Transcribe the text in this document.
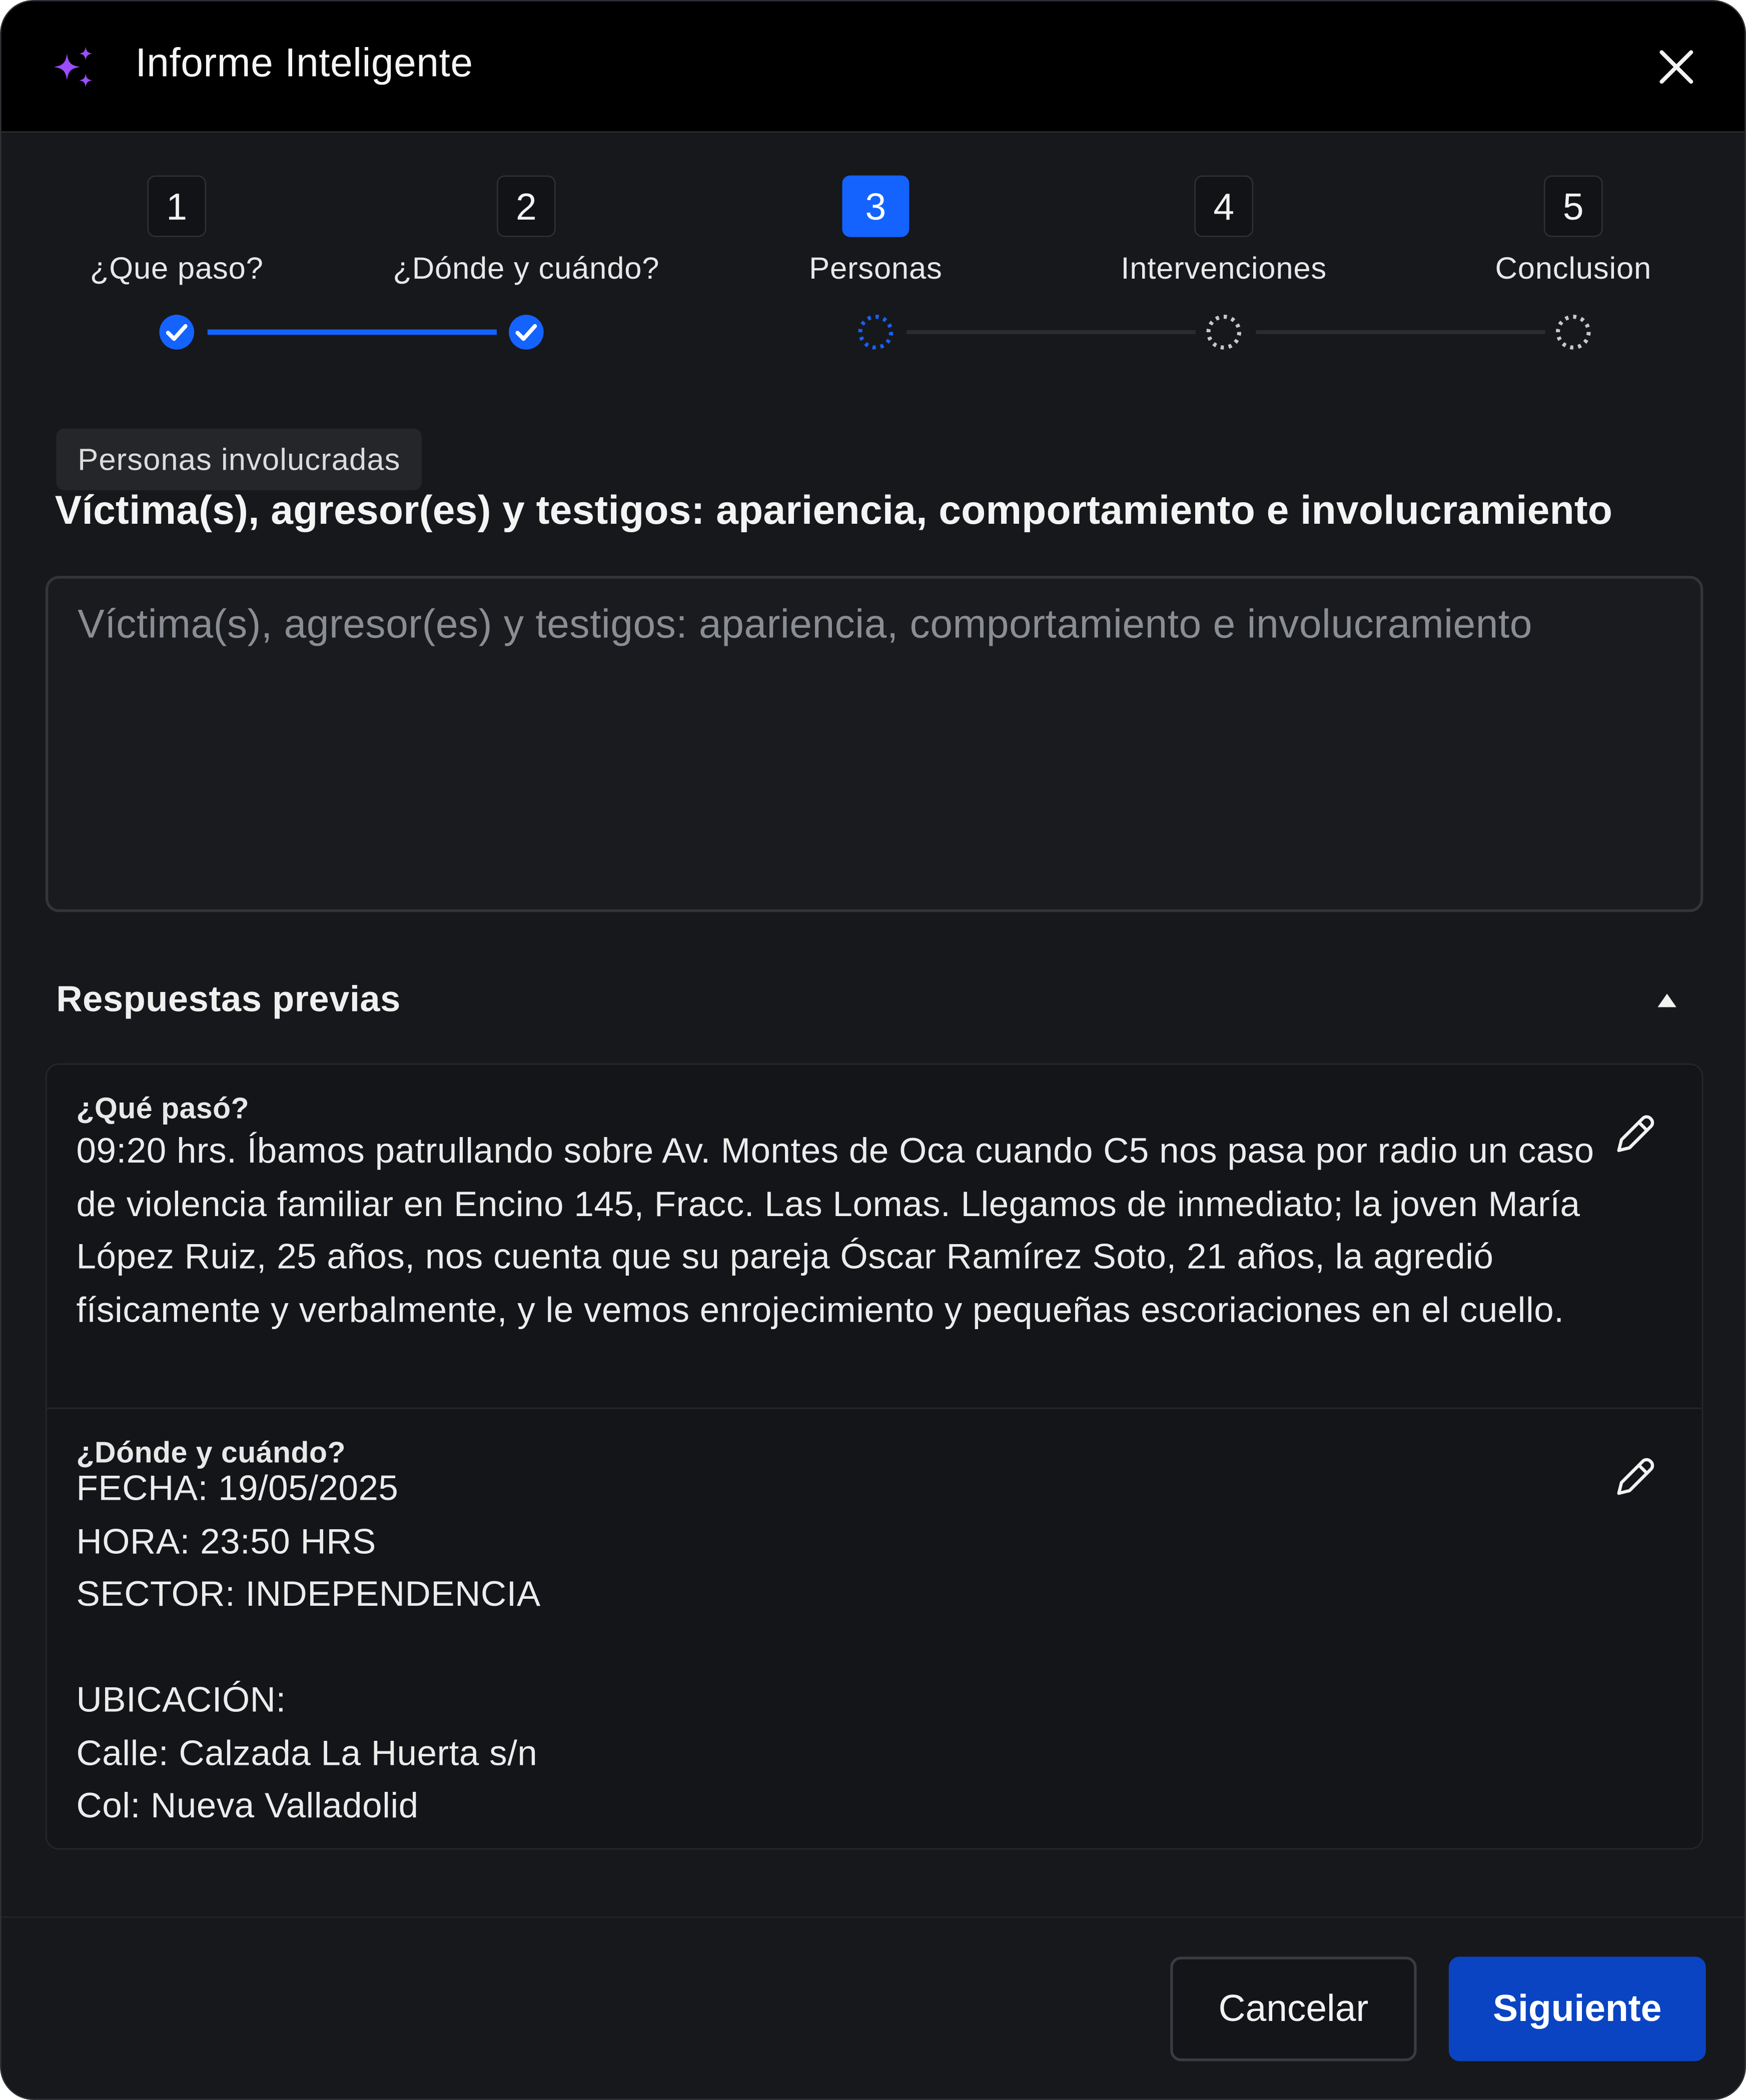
Informe Inteligente
1
¿Que paso?
2
¿Dónde y cuándo?
3
Personas
4
Intervenciones
5
Conclusion
Personas involucradas
Víctima(s), agresor(es) y testigos: apariencia, comportamiento e involucramiento
Víctima(s), agresor(es) y testigos: apariencia, comportamiento e involucramiento
Respuestas previas
¿Qué pasó?
09:20 hrs. Íbamos patrullando sobre Av. Montes de Oca cuando C5 nos pasa por radio un caso de violencia familiar en Encino 145, Fracc. Las Lomas. Llegamos de inmediato; la joven María López Ruiz, 25 años, nos cuenta que su pareja Óscar Ramírez Soto, 21 años, la agredió físicamente y verbalmente, y le vemos enrojecimiento y pequeñas escoriaciones en el cuello.
¿Dónde y cuándo?
FECHA: 19/05/2025
HORA: 23:50 HRS
SECTOR: INDEPENDENCIA

UBICACIÓN:
Calle: Calzada La Huerta s/n
Col: Nueva Valladolid
Cancelar	Siguiente
